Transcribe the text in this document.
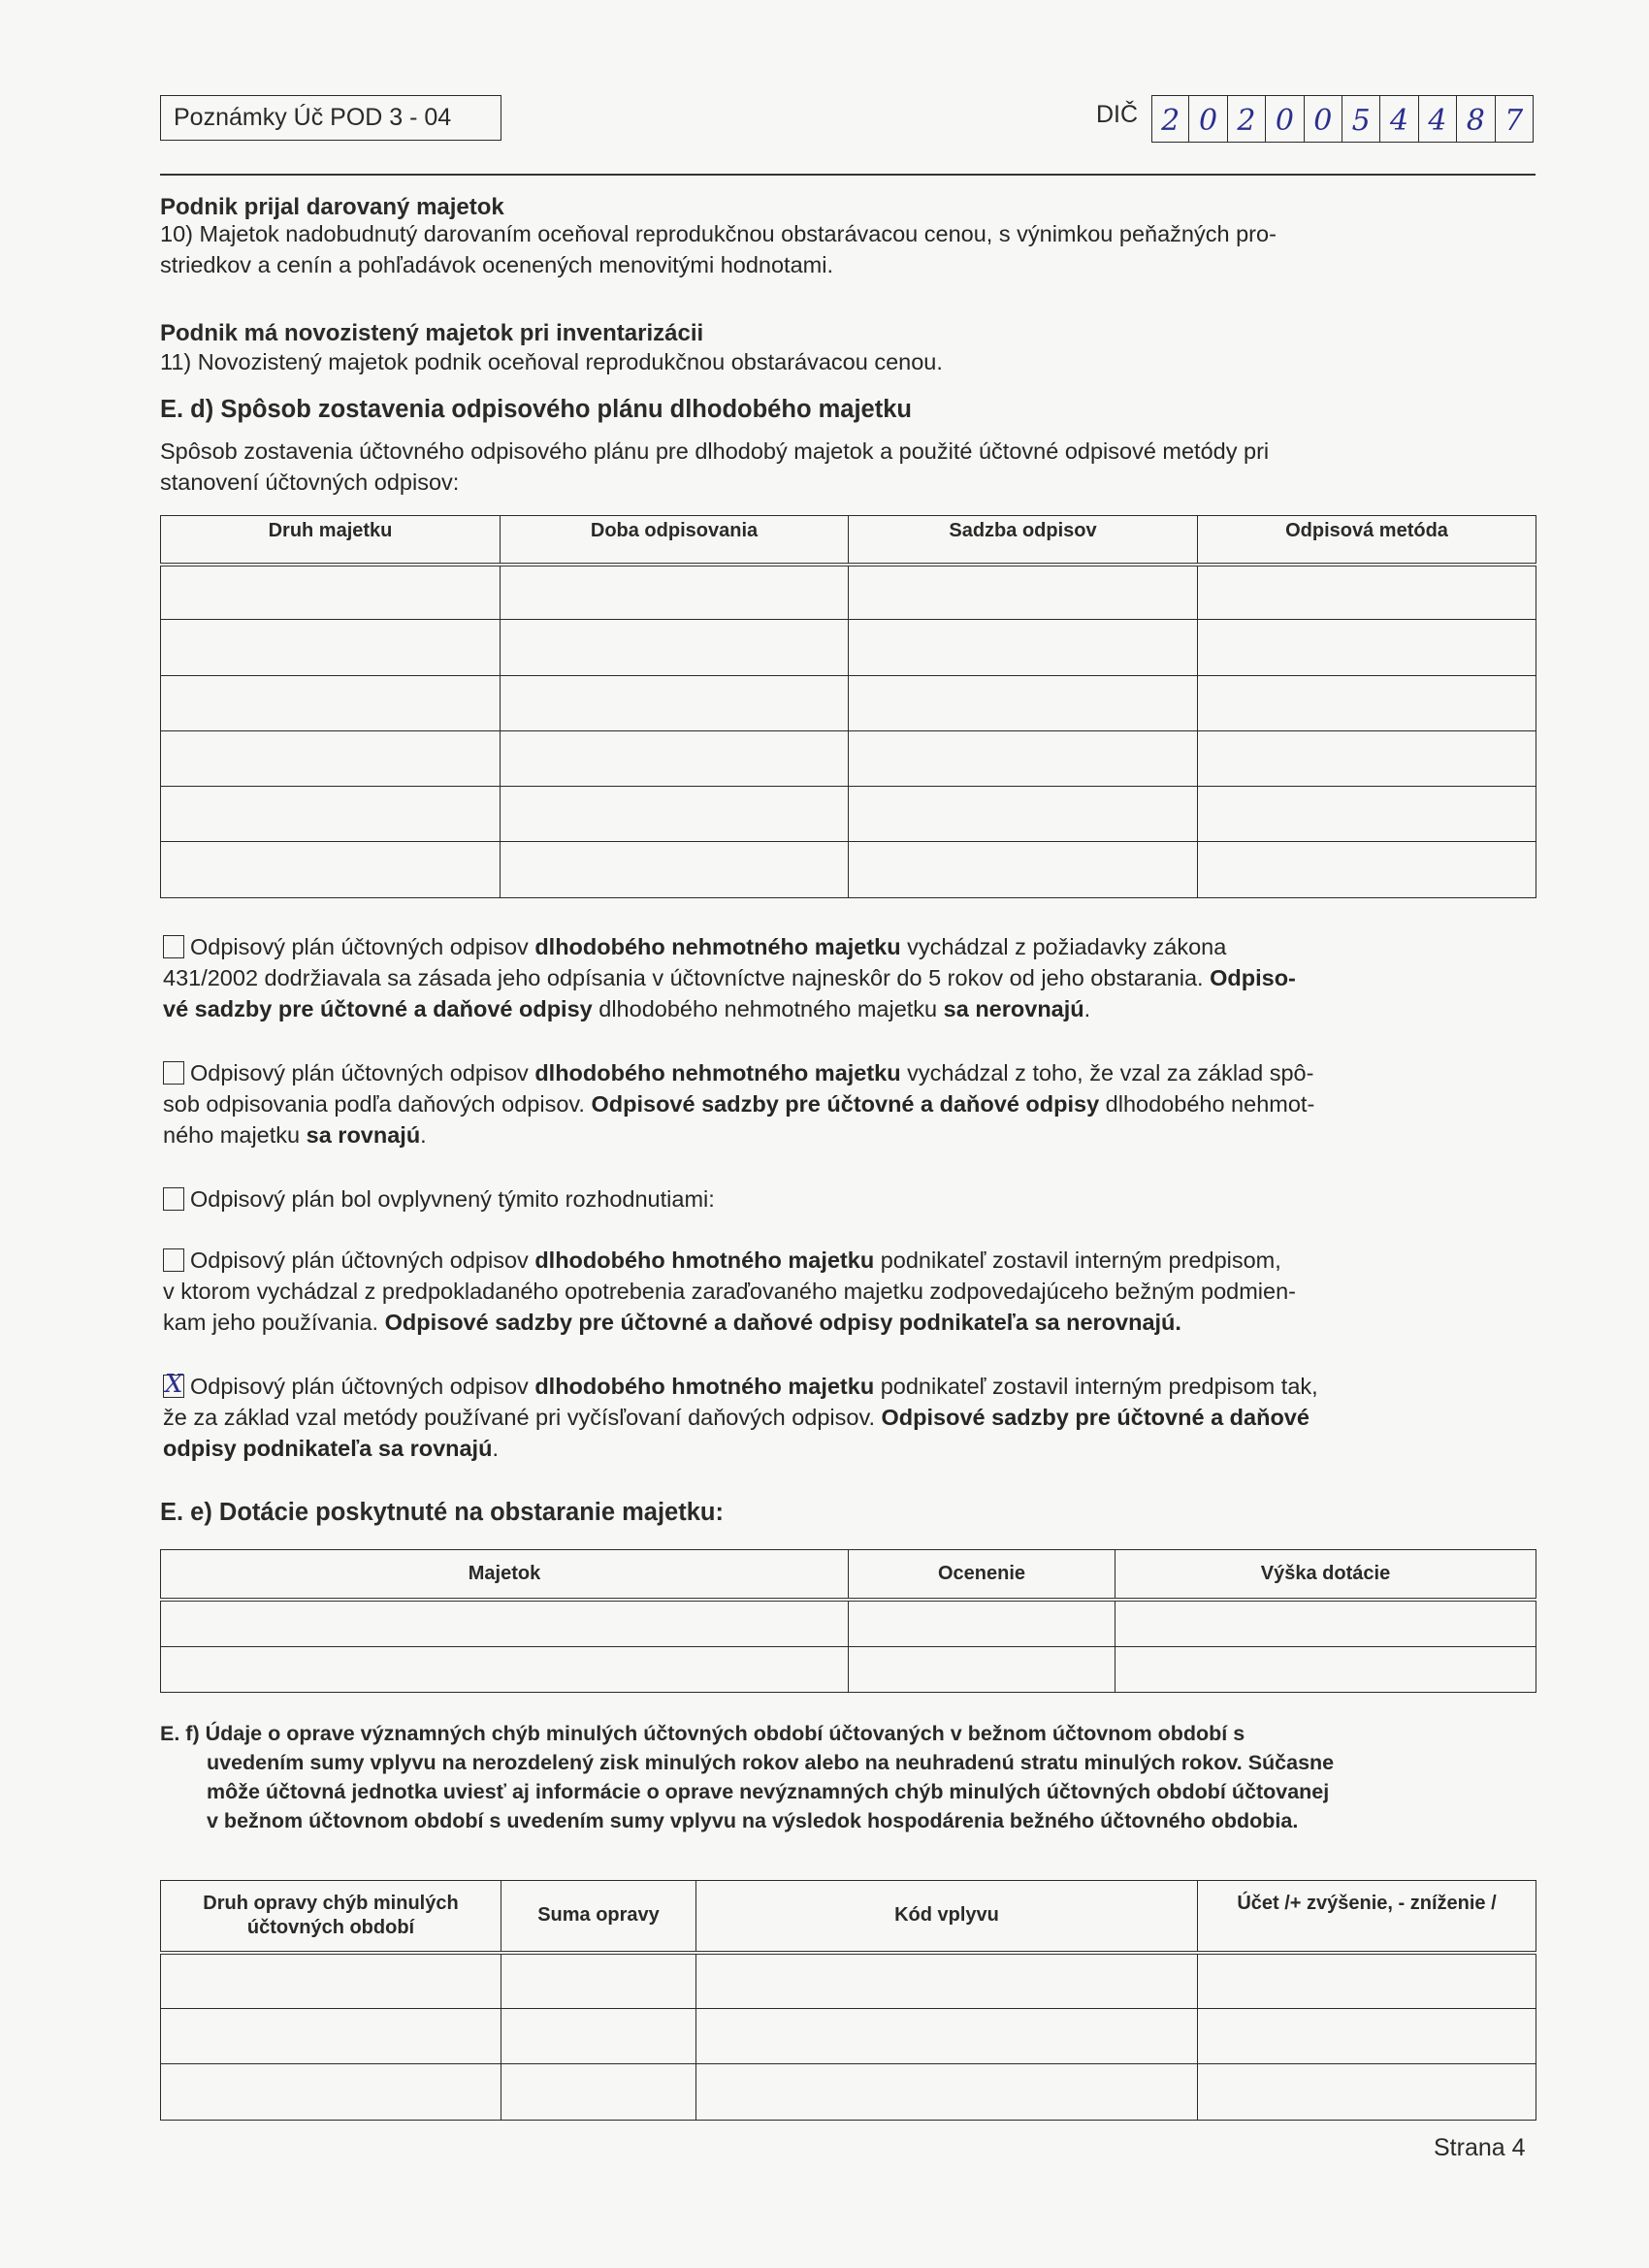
Poznámky Úč POD 3 - 04	DIČ 2 0 2 0 0 5 4 4 8 7
Podnik prijal darovaný majetok
10) Majetok nadobudnutý darovaním oceňoval reprodukčnou obstarávacou cenou, s výnimkou peňažných pro-
striedkov a cenín a pohľadávok ocenených menovitými hodnotami.
Podnik má novozistený majetok pri inventarizácii
11) Novozistený majetok podnik oceňoval reprodukčnou obstarávacou cenou.
E. d) Spôsob zostavenia odpisového plánu dlhodobého majetku
Spôsob zostavenia účtovného odpisového plánu pre dlhodobý majetok a použité účtovné odpisové metódy pri
stanovení účtovných odpisov:
Druh majetku	Doba odpisovania	Sadzba odpisov	Odpisová metóda

Odpisový plán účtovných odpisov dlhodobého nehmotného majetku vychádzal z požiadavky zákona
431/2002 dodržiavala sa zásada jeho odpísania v účtovníctve najneskôr do 5 rokov od jeho obstarania. Odpiso-
vé sadzby pre účtovné a daňové odpisy dlhodobého nehmotného majetku sa nerovnajú.
Odpisový plán účtovných odpisov dlhodobého nehmotného majetku vychádzal z toho, že vzal za základ spô-
sob odpisovania podľa daňových odpisov. Odpisové sadzby pre účtovné a daňové odpisy dlhodobého nehmot-
ného majetku sa rovnajú.
Odpisový plán bol ovplyvnený týmito rozhodnutiami:
Odpisový plán účtovných odpisov dlhodobého hmotného majetku podnikateľ zostavil interným predpisom,
v ktorom vychádzal z predpokladaného opotrebenia zaraďovaného majetku zodpovedajúceho bežným podmien-
kam jeho používania. Odpisové sadzby pre účtovné a daňové odpisy podnikateľa sa nerovnajú.
X Odpisový plán účtovných odpisov dlhodobého hmotného majetku podnikateľ zostavil interným predpisom tak,
že za základ vzal metódy používané pri vyčísľovaní daňových odpisov. Odpisové sadzby pre účtovné a daňové
odpisy podnikateľa sa rovnajú.
E. e) Dotácie poskytnuté na obstaranie majetku:
Majetok	Ocenenie	Výška dotácie

E. f) Údaje o oprave významných chýb minulých účtovných období účtovaných v bežnom účtovnom období s
uvedením sumy vplyvu na nerozdelený zisk minulých rokov alebo na neuhradenú stratu minulých rokov. Súčasne
môže účtovná jednotka uviesť aj informácie o oprave nevýznamných chýb minulých účtovných období účtovanej
v bežnom účtovnom období s uvedením sumy vplyvu na výsledok hospodárenia bežného účtovného obdobia.
Druh opravy chýb minulých účtovných období	Suma opravy	Kód vplyvu	Účet /+ zvýšenie, - zníženie /

Strana 4
